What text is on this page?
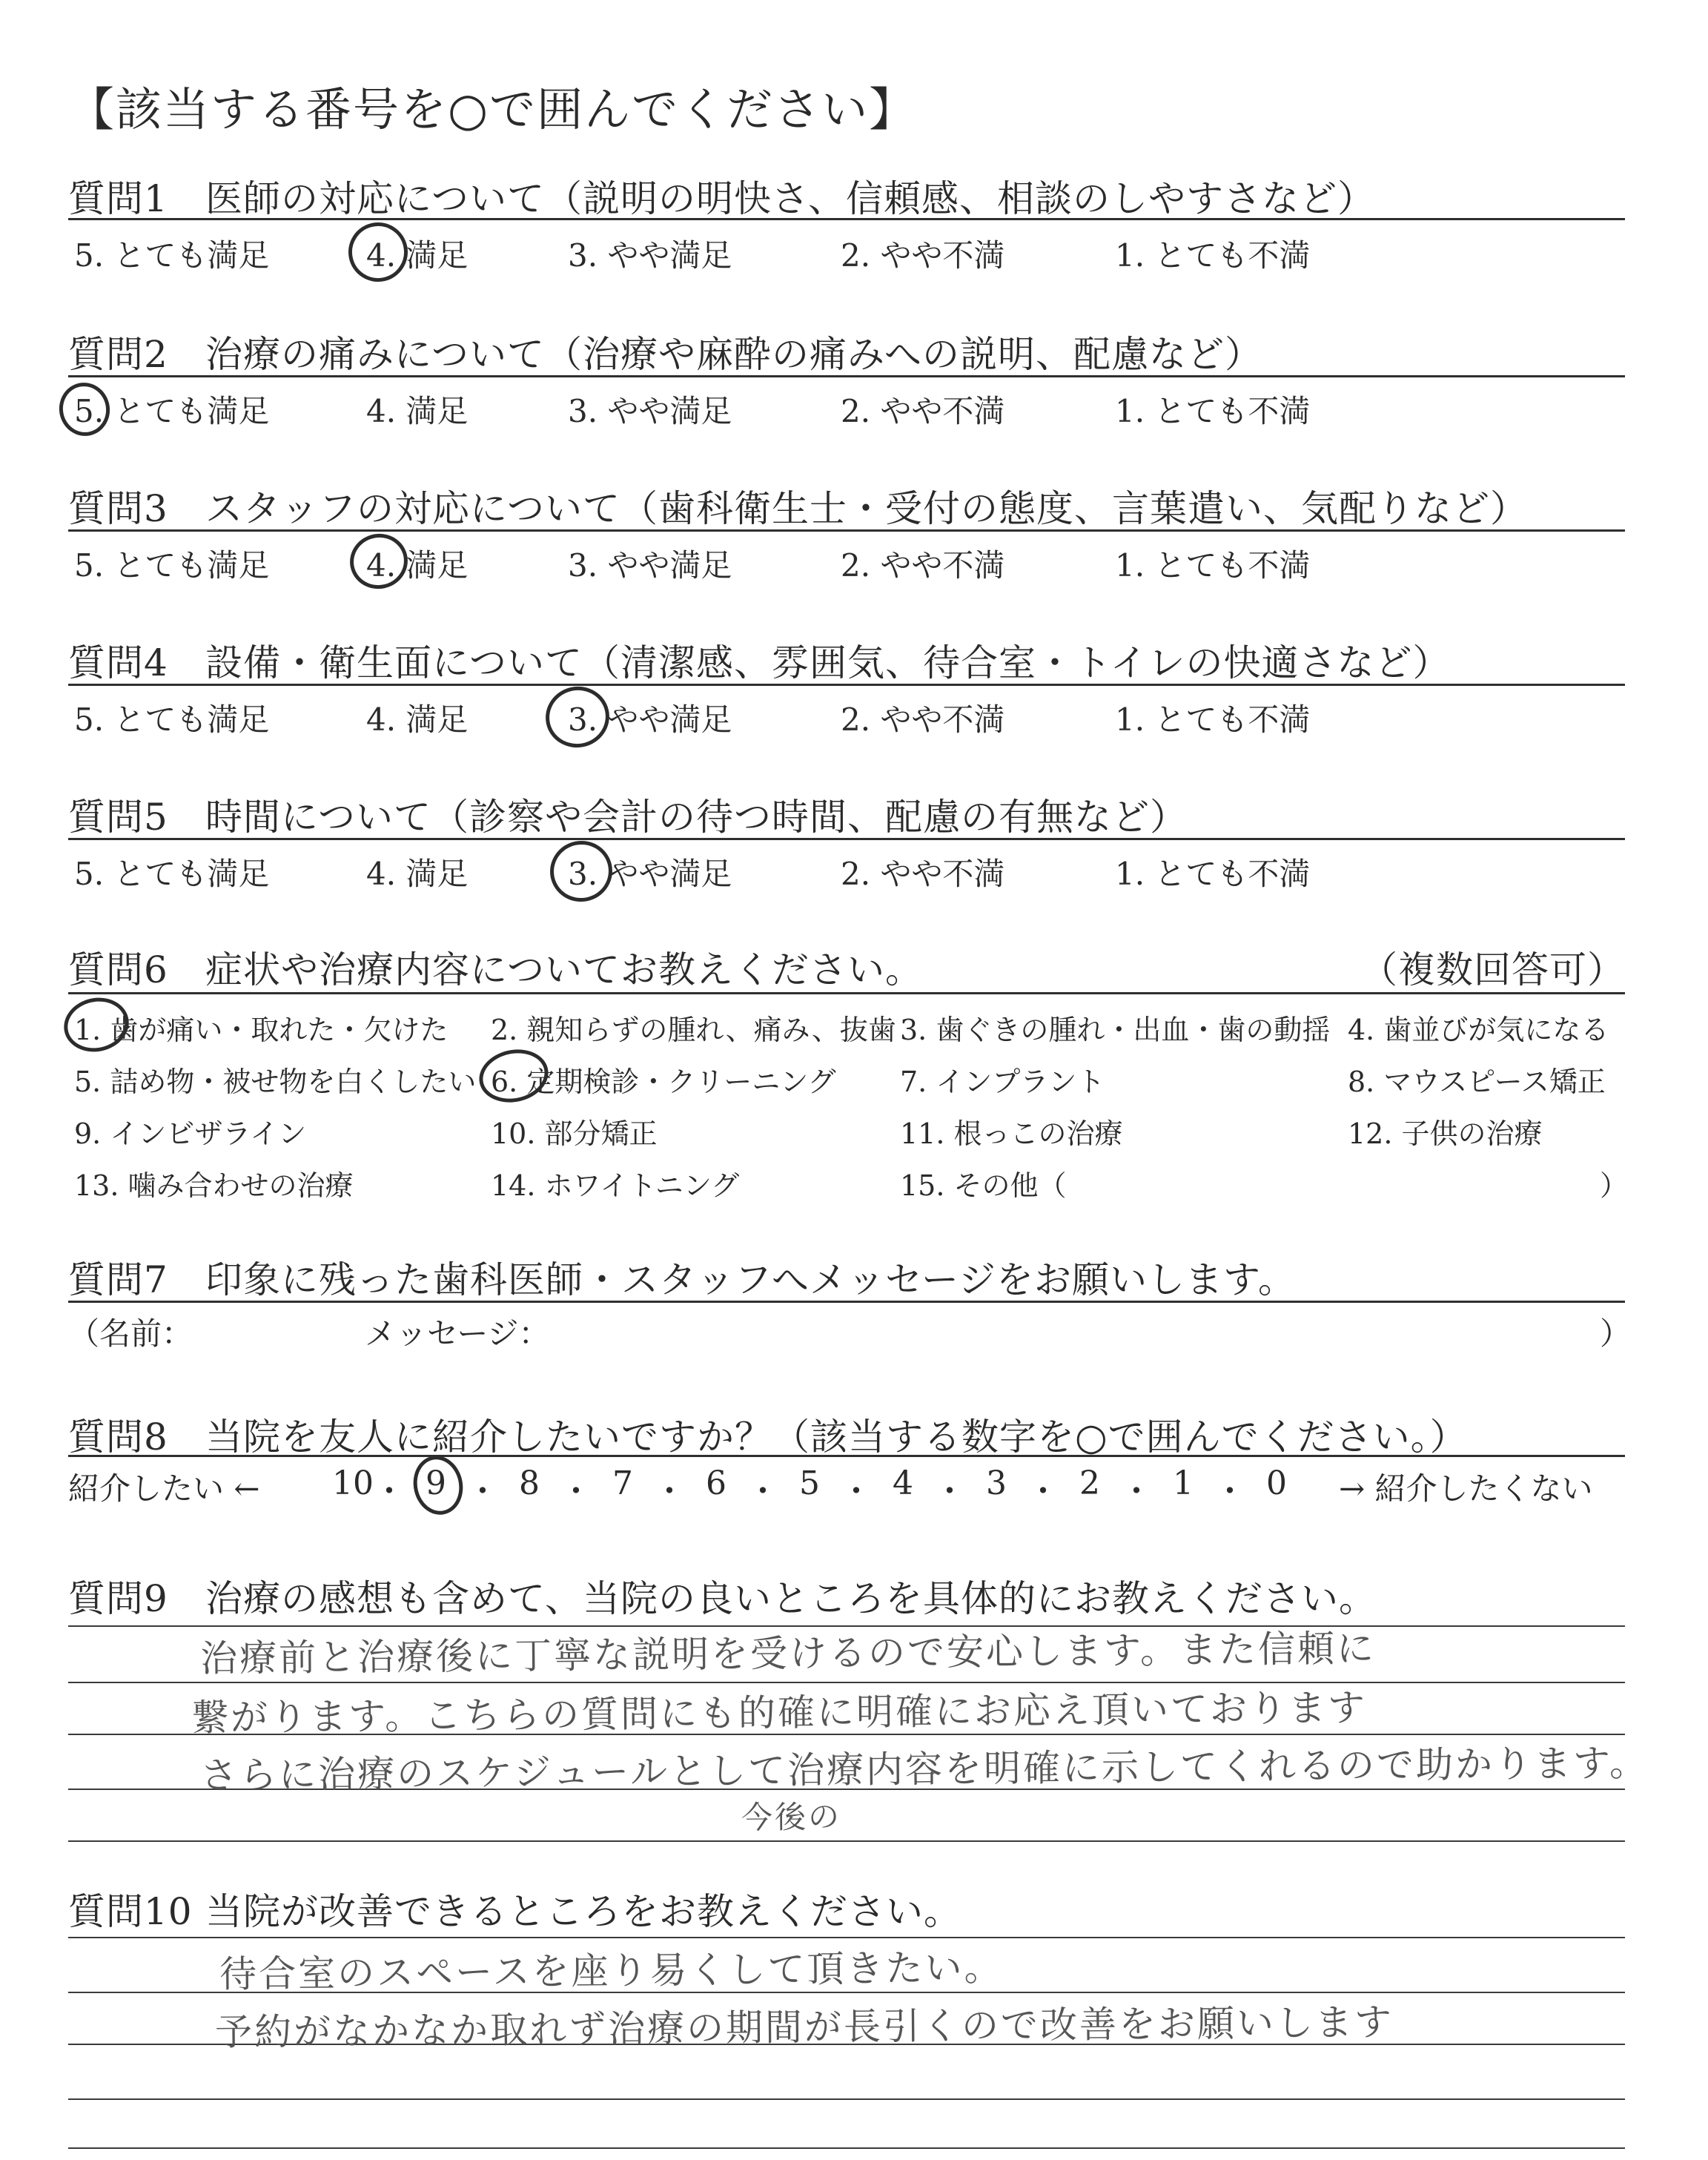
【該当する番号を○で囲んでください】
質問1 医師の対応について（説明の明快さ、信頼感、相談のしやすさなど）
5. とても満足	4. 満足	3. やや満足	2. やや不満	1. とても不満
質問2 治療の痛みについて（治療や麻酔の痛みへの説明、配慮など）
5. とても満足	4. 満足	3. やや満足	2. やや不満	1. とても不満
質問3 スタッフの対応について（歯科衛生士・受付の態度、言葉遣い、気配りなど）
5. とても満足	4. 満足	3. やや満足	2. やや不満	1. とても不満
質問4 設備・衛生面について（清潔感、雰囲気、待合室・トイレの快適さなど）
5. とても満足	4. 満足	3. やや満足	2. やや不満	1. とても不満
質問5 時間について（診察や会計の待つ時間、配慮の有無など）
5. とても満足	4. 満足	3. やや満足	2. やや不満	1. とても不満
質問6 症状や治療内容についてお教えください。	（複数回答可）
1. 歯が痛い・取れた・欠けた 2. 親知らずの腫れ、痛み、抜歯 3. 歯ぐきの腫れ・出血・歯の動揺 4. 歯並びが気になる
5. 詰め物・被せ物を白くしたい 6. 定期検診・クリーニング 7. インプラント	8. マウスピース矯正
9. インビザライン	10. 部分矯正	11. 根っこの治療	12. 子供の治療
13. 噛み合わせの治療	14. ホワイトニング	15. その他（	）
質問7 印象に残った歯科医師・スタッフへメッセージをお願いします。
（名前：	メッセージ：	）
質問8 当院を友人に紹介したいですか？（該当する数字を○で囲んでください。）
紹介したい ←	→ 紹介したくない
10 ・ 9 ・ 8 ・ 7 ・ 6 ・ 5 ・ 4 ・ 3 ・ 2 ・ 1 ・ 0
質問9 治療の感想も含めて、当院の良いところを具体的にお教えください。
治療前と治療後に丁寧な説明を受けるので安心します。また信頼に
繋がります。こちらの質問にも的確に明確にお応え頂いております
さらに治療のスケジュールとして治療内容を明確に示してくれるので助かります。
今後の
質問10 当院が改善できるところをお教えください。
待合室のスペースを座り易くして頂きたい。
予約がなかなか取れず治療の期間が長引くので改善をお願いします
